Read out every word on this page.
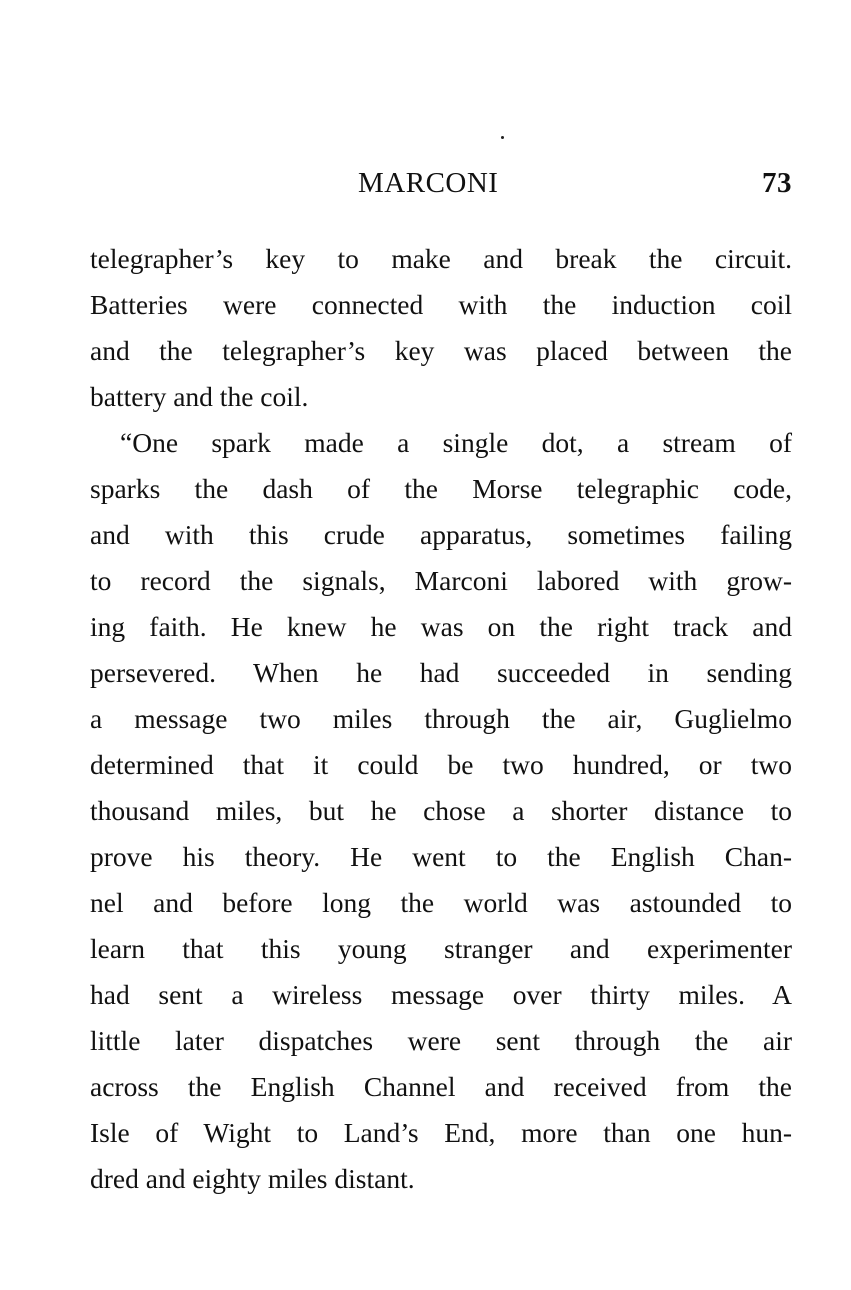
MARCONI	73
telegrapher’s key to make and break the circuit.
Batteries were connected with the induction coil
and the telegrapher’s key was placed between the
battery and the coil.
“One spark made a single dot, a stream of
sparks the dash of the Morse telegraphic code,
and with this crude apparatus, sometimes failing
to record the signals, Marconi labored with grow-
ing faith. He knew he was on the right track and
persevered. When he had succeeded in sending
a message two miles through the air, Guglielmo
determined that it could be two hundred, or two
thousand miles, but he chose a shorter distance to
prove his theory. He went to the English Chan-
nel and before long the world was astounded to
learn that this young stranger and experimenter
had sent a wireless message over thirty miles. A
little later dispatches were sent through the air
across the English Channel and received from the
Isle of Wight to Land’s End, more than one hun-
dred and eighty miles distant.
